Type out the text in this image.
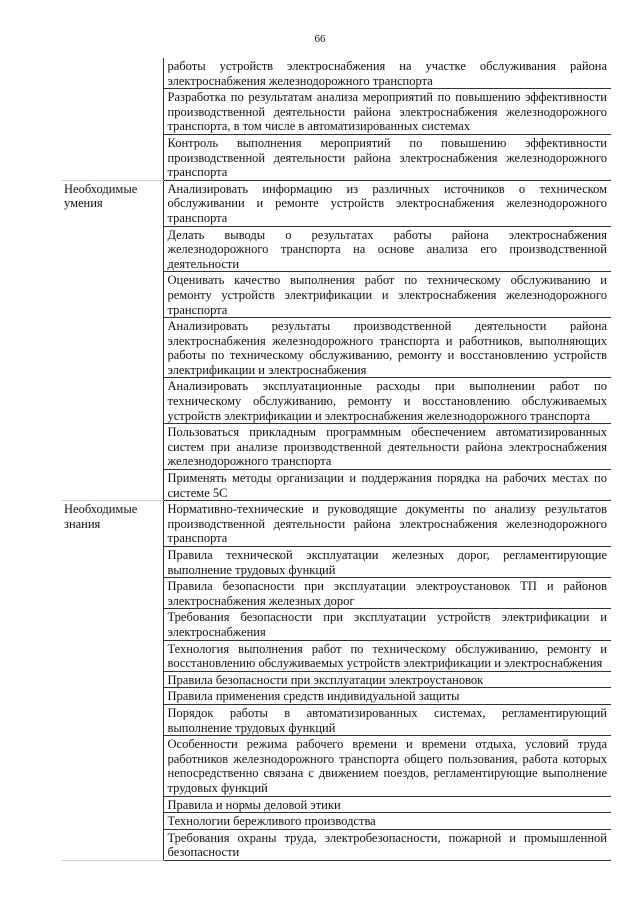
66
	работы устройств электроснабжения на участке обслуживания района электроснабжения железнодорожного транспорта
	Разработка по результатам анализа мероприятий по повышению эффективности производственной деятельности района электроснабжения железнодорожного транспорта, в том числе в автоматизированных системах
	Контроль выполнения мероприятий по повышению эффективности производственной деятельности района электроснабжения железнодорожного транспорта
Необходимые умения	Анализировать информацию из различных источников о техническом обслуживании и ремонте устройств электроснабжения железнодорожного транспорта
	Делать выводы о результатах работы района электроснабжения железнодорожного транспорта на основе анализа его производственной деятельности
	Оценивать качество выполнения работ по техническому обслуживанию и ремонту устройств электрификации и электроснабжения железнодорожного транспорта
	Анализировать результаты производственной деятельности района электроснабжения железнодорожного транспорта и работников, выполняющих работы по техническому обслуживанию, ремонту и восстановлению устройств электрификации и электроснабжения
	Анализировать эксплуатационные расходы при выполнении работ по техническому обслуживанию, ремонту и восстановлению обслуживаемых устройств электрификации и электроснабжения железнодорожного транспорта
	Пользоваться прикладным программным обеспечением автоматизированных систем при анализе производственной деятельности района электроснабжения железнодорожного транспорта
	Применять методы организации и поддержания порядка на рабочих местах по системе 5С
Необходимые знания	Нормативно-технические и руководящие документы по анализу результатов производственной деятельности района электроснабжения железнодорожного транспорта
	Правила технической эксплуатации железных дорог, регламентирующие выполнение трудовых функций
	Правила безопасности при эксплуатации электроустановок ТП и районов электроснабжения железных дорог
	Требования безопасности при эксплуатации устройств электрификации и электроснабжения
	Технология выполнения работ по техническому обслуживанию, ремонту и восстановлению обслуживаемых устройств электрификации и электроснабжения
	Правила безопасности при эксплуатации электроустановок
	Правила применения средств индивидуальной защиты
	Порядок работы в автоматизированных системах, регламентирующий выполнение трудовых функций
	Особенности режима рабочего времени и времени отдыха, условий труда работников железнодорожного транспорта общего пользования, работа которых непосредственно связана с движением поездов, регламентирующие выполнение трудовых функций
	Правила и нормы деловой этики
	Технологии бережливого производства
	Требования охраны труда, электробезопасности, пожарной и промышленной безопасности
